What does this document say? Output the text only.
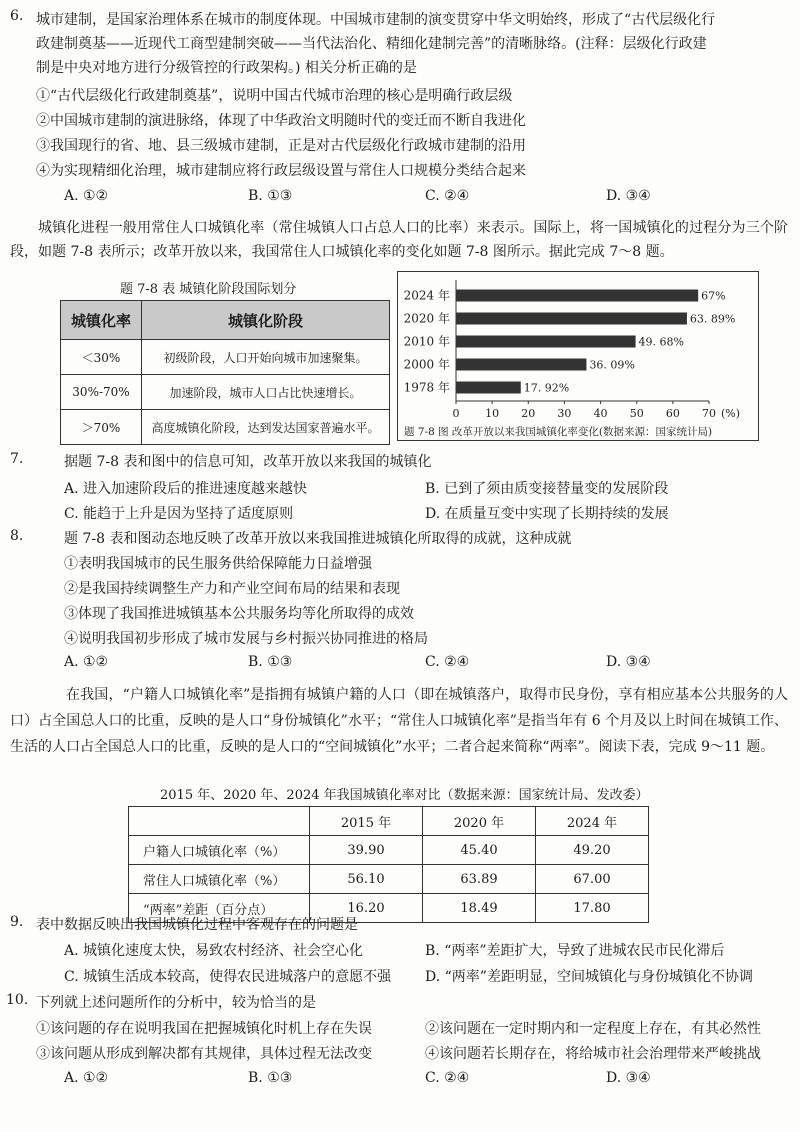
6. 城市建制，是国家治理体系在城市的制度体现。中国城市建制的演变贯穿中华文明始终，形成了“古代层级化行
政建制奠基——近现代工商型建制突破——当代法治化、精细化建制完善”的清晰脉络。(注释：层级化行政建
制是中央对地方进行分级管控的行政架构。) 相关分析正确的是
①“古代层级化行政建制奠基”，说明中国古代城市治理的核心是明确行政层级
②中国城市建制的演进脉络，体现了中华政治文明随时代的变迁而不断自我进化
③我国现行的省、地、县三级城市建制，正是对古代层级化行政城市建制的沿用
④为实现精细化治理，城市建制应将行政层级设置与常住人口规模分类结合起来
A. ①②	B. ①③	C. ②④	D. ③④
城镇化进程一般用常住人口城镇化率（常住城镇人口占总人口的比率）来表示。国际上，将一国城镇化的过程分为三个阶段，如题 7-8 表所示；改革开放以来，我国常住人口城镇化率的变化如题 7-8 图所示。据此完成 7～8 题。
题 7-8 表 城镇化阶段国际划分
城镇化率	城镇化阶段
＜30%	初级阶段，人口开始向城市加速聚集。
30%-70%	加速阶段，城市人口占比快速增长。
＞70%	高度城镇化阶段，达到发达国家普遍水平。
2024 年	67%
2020 年	63. 89%
2010 年	49. 68%
2000 年	36. 09%
1978 年	17. 92%
0 10 20 30 40 50 60 70 (%)
题 7-8 图 改革开放以来我国城镇化率变化(数据来源：国家统计局)
7.	据题 7-8 表和图中的信息可知，改革开放以来我国的城镇化
A. 进入加速阶段后的推进速度越来越快	B. 已到了须由质变接替量变的发展阶段
C. 能趋于上升是因为坚持了适度原则	D. 在质量互变中实现了长期持续的发展
8.	题 7-8 表和图动态地反映了改革开放以来我国推进城镇化所取得的成就，这种成就
①表明我国城市的民生服务供给保障能力日益增强
②是我国持续调整生产力和产业空间布局的结果和表现
③体现了我国推进城镇基本公共服务均等化所取得的成效
④说明我国初步形成了城市发展与乡村振兴协同推进的格局
A. ①②	B. ①③	C. ②④	D. ③④
在我国，“户籍人口城镇化率”是指拥有城镇户籍的人口（即在城镇落户，取得市民身份，享有相应基本公共服务的人口）占全国总人口的比重，反映的是人口“身份城镇化”水平；“常住人口城镇化率”是指当年有 6 个月及以上时间在城镇工作、生活的人口占全国总人口的比重，反映的是人口的“空间城镇化”水平；二者合起来简称“两率”。阅读下表，完成 9～11 题。
2015 年、2020 年、2024 年我国城镇化率对比（数据来源：国家统计局、发改委）
	2015 年	2020 年	2024 年
户籍人口城镇化率（%）	39.90	45.40	49.20
常住人口城镇化率（%）	56.10	63.89	67.00
“两率”差距（百分点）	16.20	18.49	17.80
9. 表中数据反映出我国城镇化过程中客观存在的问题是
A. 城镇化速度太快，易致农村经济、社会空心化	B. “两率”差距扩大，导致了进城农民市民化滞后
C. 城镇生活成本较高，使得农民进城落户的意愿不强 D. “两率”差距明显，空间城镇化与身份城镇化不协调
10. 下列就上述问题所作的分析中，较为恰当的是
①该问题的存在说明我国在把握城镇化时机上存在失误	②该问题在一定时期内和一定程度上存在，有其必然性
③该问题从形成到解决都有其规律，具体过程无法改变	④该问题若长期存在，将给城市社会治理带来严峻挑战
A. ①②	B. ①③	C. ②④	D. ③④
